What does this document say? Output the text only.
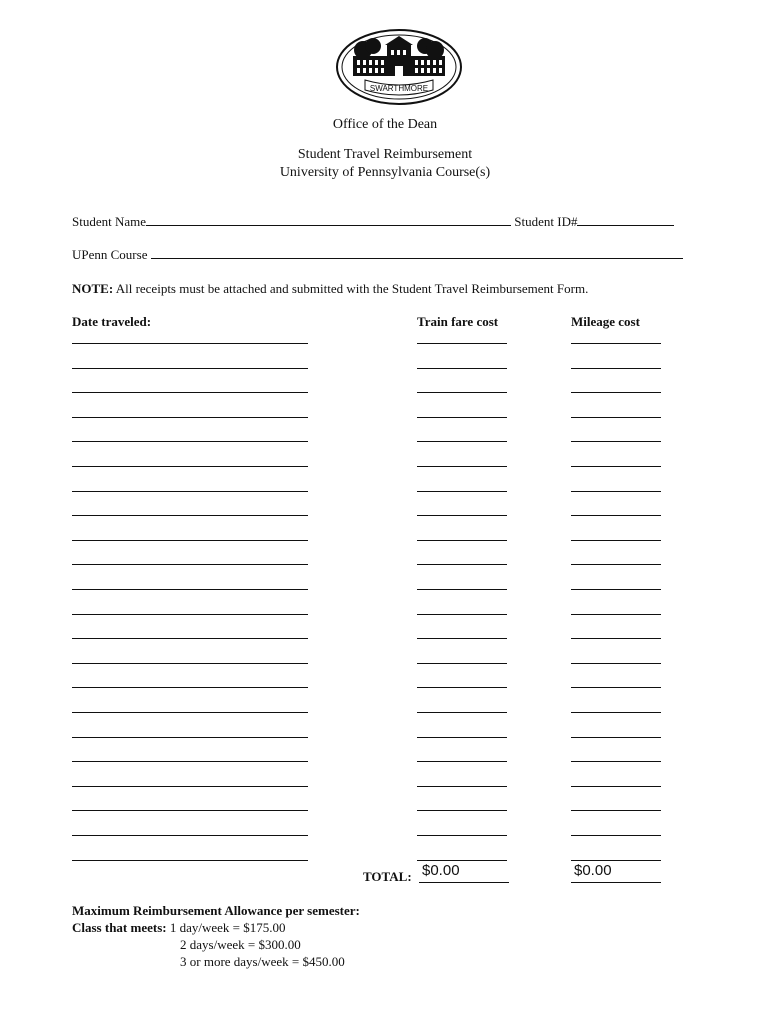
SWARTHMORE
Office of the Dean
Student Travel Reimbursement
University of Pennsylvania Course(s)
Student Name	Student ID#
UPenn Course
NOTE: All receipts must be attached and submitted with the Student Travel Reimbursement Form.
Date traveled:	Train fare cost	Mileage cost
TOTAL: $0.00	$0.00
Maximum Reimbursement Allowance per semester:
Class that meets: 1 day/week = $175.00
2 days/week = $300.00
3 or more days/week = $450.00
